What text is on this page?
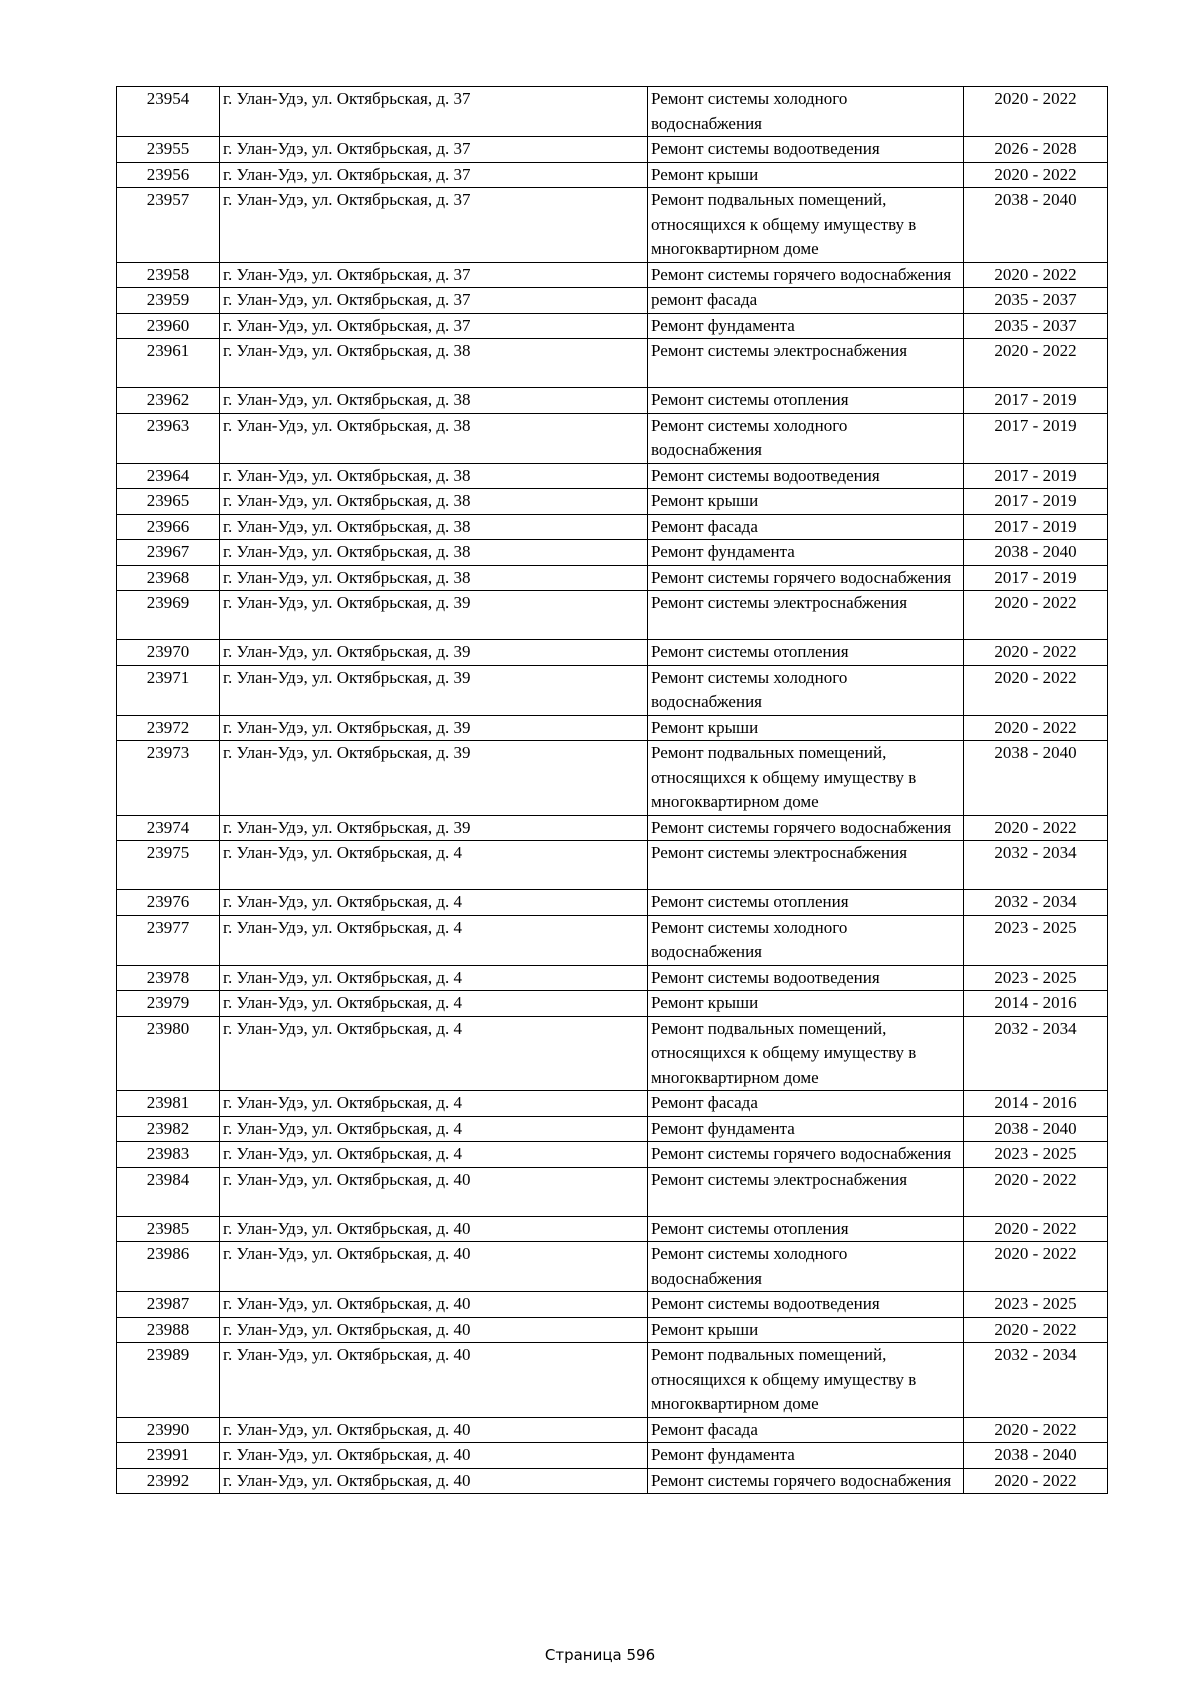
23954	г. Улан-Удэ, ул. Октябрьская, д. 37	Ремонт системы холодного водоснабжения	2020 - 2022
23955	г. Улан-Удэ, ул. Октябрьская, д. 37	Ремонт системы водоотведения	2026 - 2028
23956	г. Улан-Удэ, ул. Октябрьская, д. 37	Ремонт крыши	2020 - 2022
23957	г. Улан-Удэ, ул. Октябрьская, д. 37	Ремонт подвальных помещений, относящихся к общему имуществу в многоквартирном доме	2038 - 2040
23958	г. Улан-Удэ, ул. Октябрьская, д. 37	Ремонт системы горячего водоснабжения	2020 - 2022
23959	г. Улан-Удэ, ул. Октябрьская, д. 37	ремонт фасада	2035 - 2037
23960	г. Улан-Удэ, ул. Октябрьская, д. 37	Ремонт фундамента	2035 - 2037
23961	г. Улан-Удэ, ул. Октябрьская, д. 38	Ремонт системы электроснабжения	2020 - 2022
23962	г. Улан-Удэ, ул. Октябрьская, д. 38	Ремонт системы отопления	2017 - 2019
23963	г. Улан-Удэ, ул. Октябрьская, д. 38	Ремонт системы холодного водоснабжения	2017 - 2019
23964	г. Улан-Удэ, ул. Октябрьская, д. 38	Ремонт системы водоотведения	2017 - 2019
23965	г. Улан-Удэ, ул. Октябрьская, д. 38	Ремонт крыши	2017 - 2019
23966	г. Улан-Удэ, ул. Октябрьская, д. 38	Ремонт фасада	2017 - 2019
23967	г. Улан-Удэ, ул. Октябрьская, д. 38	Ремонт фундамента	2038 - 2040
23968	г. Улан-Удэ, ул. Октябрьская, д. 38	Ремонт системы горячего водоснабжения	2017 - 2019
23969	г. Улан-Удэ, ул. Октябрьская, д. 39	Ремонт системы электроснабжения	2020 - 2022
23970	г. Улан-Удэ, ул. Октябрьская, д. 39	Ремонт системы отопления	2020 - 2022
23971	г. Улан-Удэ, ул. Октябрьская, д. 39	Ремонт системы холодного водоснабжения	2020 - 2022
23972	г. Улан-Удэ, ул. Октябрьская, д. 39	Ремонт крыши	2020 - 2022
23973	г. Улан-Удэ, ул. Октябрьская, д. 39	Ремонт подвальных помещений, относящихся к общему имуществу в многоквартирном доме	2038 - 2040
23974	г. Улан-Удэ, ул. Октябрьская, д. 39	Ремонт системы горячего водоснабжения	2020 - 2022
23975	г. Улан-Удэ, ул. Октябрьская, д. 4	Ремонт системы электроснабжения	2032 - 2034
23976	г. Улан-Удэ, ул. Октябрьская, д. 4	Ремонт системы отопления	2032 - 2034
23977	г. Улан-Удэ, ул. Октябрьская, д. 4	Ремонт системы холодного водоснабжения	2023 - 2025
23978	г. Улан-Удэ, ул. Октябрьская, д. 4	Ремонт системы водоотведения	2023 - 2025
23979	г. Улан-Удэ, ул. Октябрьская, д. 4	Ремонт крыши	2014 - 2016
23980	г. Улан-Удэ, ул. Октябрьская, д. 4	Ремонт подвальных помещений, относящихся к общему имуществу в многоквартирном доме	2032 - 2034
23981	г. Улан-Удэ, ул. Октябрьская, д. 4	Ремонт фасада	2014 - 2016
23982	г. Улан-Удэ, ул. Октябрьская, д. 4	Ремонт фундамента	2038 - 2040
23983	г. Улан-Удэ, ул. Октябрьская, д. 4	Ремонт системы горячего водоснабжения	2023 - 2025
23984	г. Улан-Удэ, ул. Октябрьская, д. 40	Ремонт системы электроснабжения	2020 - 2022
23985	г. Улан-Удэ, ул. Октябрьская, д. 40	Ремонт системы отопления	2020 - 2022
23986	г. Улан-Удэ, ул. Октябрьская, д. 40	Ремонт системы холодного водоснабжения	2020 - 2022
23987	г. Улан-Удэ, ул. Октябрьская, д. 40	Ремонт системы водоотведения	2023 - 2025
23988	г. Улан-Удэ, ул. Октябрьская, д. 40	Ремонт крыши	2020 - 2022
23989	г. Улан-Удэ, ул. Октябрьская, д. 40	Ремонт подвальных помещений, относящихся к общему имуществу в многоквартирном доме	2032 - 2034
23990	г. Улан-Удэ, ул. Октябрьская, д. 40	Ремонт фасада	2020 - 2022
23991	г. Улан-Удэ, ул. Октябрьская, д. 40	Ремонт фундамента	2038 - 2040
23992	г. Улан-Удэ, ул. Октябрьская, д. 40	Ремонт системы горячего водоснабжения	2020 - 2022
Страница 596
